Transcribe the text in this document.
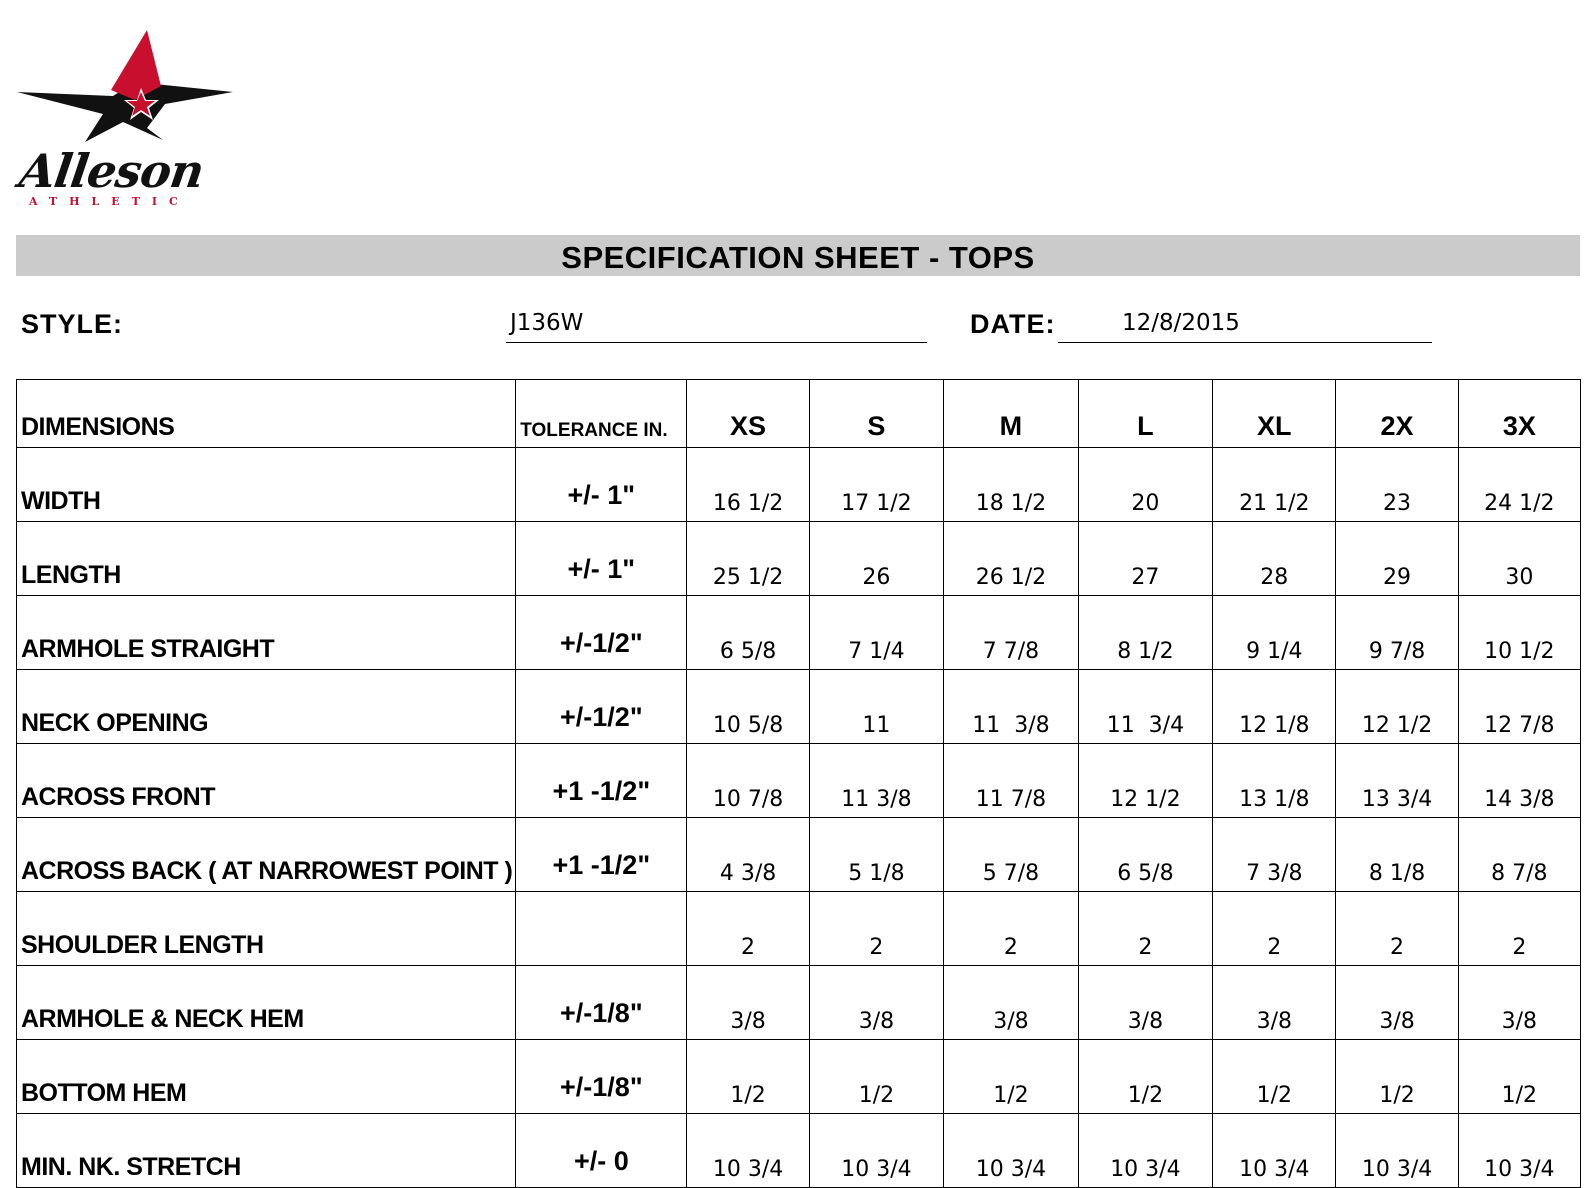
Alleson
ATHLETIC
SPECIFICATION SHEET - TOPS
STYLE:	J136W	DATE:	12/8/2015
DIMENSIONS	TOLERANCE IN.	XS	S	M	L	XL	2X	3X
WIDTH	+/- 1"	16 1/2	17 1/2	18 1/2	20	21 1/2	23	24 1/2
LENGTH	+/- 1"	25 1/2	26	26 1/2	27	28	29	30
ARMHOLE STRAIGHT	+/-1/2"	6 5/8	7 1/4	7 7/8	8 1/2	9 1/4	9 7/8	10 1/2
NECK OPENING	+/-1/2"	10 5/8	11	11  3/8	11  3/4	12 1/8	12 1/2	12 7/8
ACROSS FRONT	+1 -1/2"	10 7/8	11 3/8	11 7/8	12 1/2	13 1/8	13 3/4	14 3/8
ACROSS BACK ( AT NARROWEST POINT )	+1 -1/2"	4 3/8	5 1/8	5 7/8	6 5/8	7 3/8	8 1/8	8 7/8
SHOULDER LENGTH		2	2	2	2	2	2	2
ARMHOLE & NECK HEM	+/-1/8"	3/8	3/8	3/8	3/8	3/8	3/8	3/8
BOTTOM HEM	+/-1/8"	1/2	1/2	1/2	1/2	1/2	1/2	1/2
MIN. NK. STRETCH	+/- 0	10 3/4	10 3/4	10 3/4	10 3/4	10 3/4	10 3/4	10 3/4
